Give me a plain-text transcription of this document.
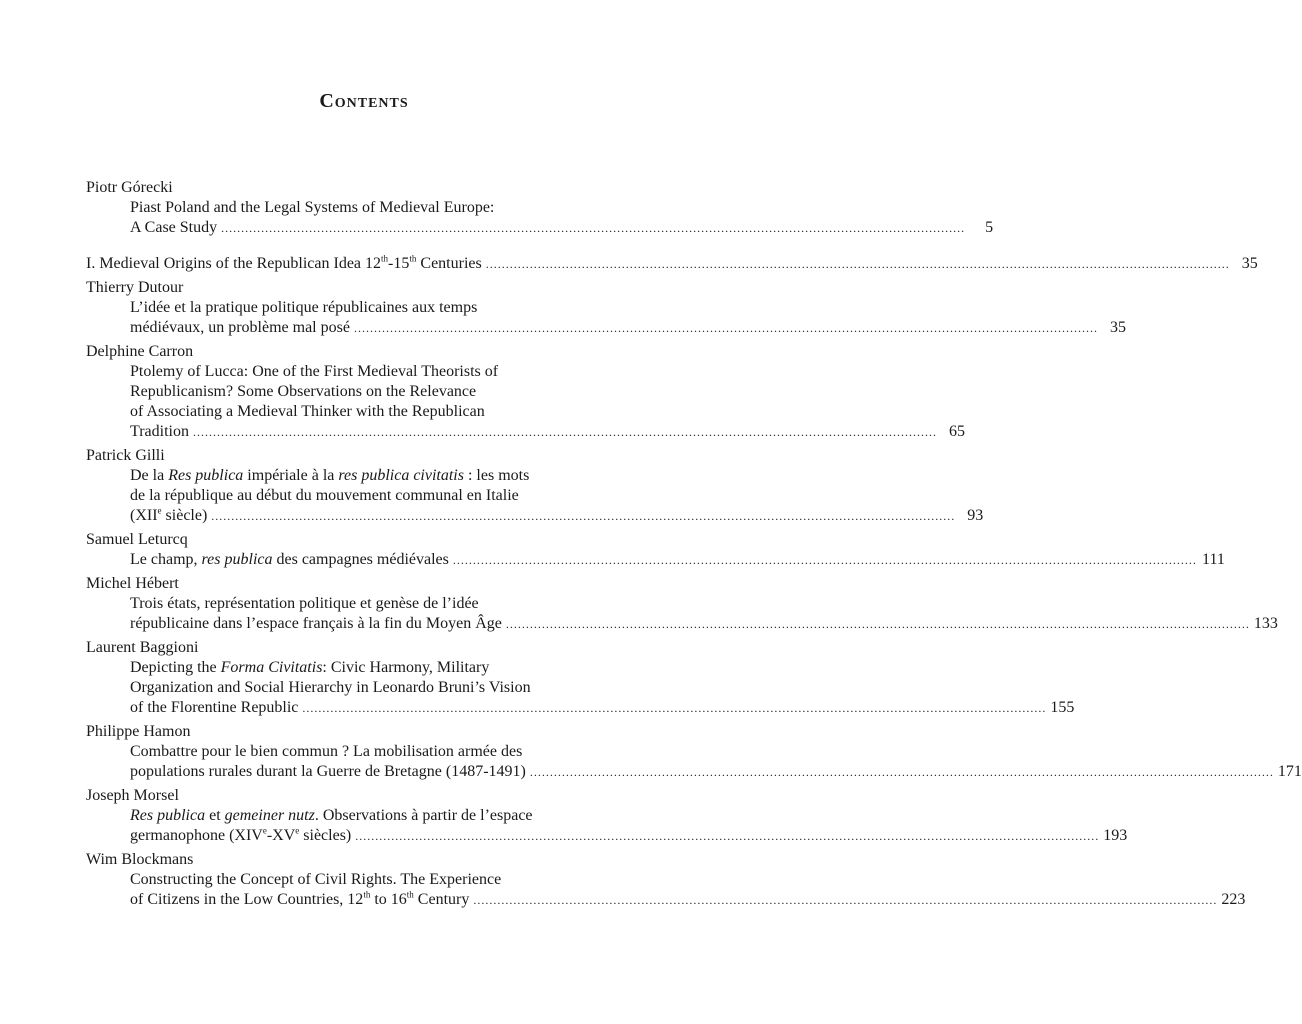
Contents
Piotr Górecki
Piast Poland and the Legal Systems of Medieval Europe:
A Case Study ..........................................................................................................................................................................................	5
I. Medieval Origins of the Republican Idea 12th-15th Centuries .......................................................................................................................................................................................... 35
Thierry Dutour
L’idée et la pratique politique républicaines aux temps
médiévaux, un problème mal posé .......................................................................................................................................................................................... 35
Delphine Carron
Ptolemy of Lucca: One of the First Medieval Theorists of
Republicanism? Some Observations on the Relevance
of Associating a Medieval Thinker with the Republican
Tradition .......................................................................................................................................................................................... 65
Patrick Gilli
De la Res publica impériale à la res publica civitatis : les mots
de la république au début du mouvement communal en Italie
(XIIe siècle) .......................................................................................................................................................................................... 93
Samuel Leturcq
Le champ, res publica des campagnes médiévales .......................................................................................................................................................................................... 111
Michel Hébert
Trois états, représentation politique et genèse de l’idée
républicaine dans l’espace français à la fin du Moyen Âge .......................................................................................................................................................................................... 133
Laurent Baggioni
Depicting the Forma Civitatis: Civic Harmony, Military
Organization and Social Hierarchy in Leonardo Bruni’s Vision
of the Florentine Republic .......................................................................................................................................................................................... 155
Philippe Hamon
Combattre pour le bien commun ? La mobilisation armée des
populations rurales durant la Guerre de Bretagne (1487-1491) .......................................................................................................................................................................................... 171
Joseph Morsel
Res publica et gemeiner nutz. Observations à partir de l’espace
germanophone (XIVe-XVe siècles) .......................................................................................................................................................................................... 193
Wim Blockmans
Constructing the Concept of Civil Rights. The Experience
of Citizens in the Low Countries, 12th to 16th Century .......................................................................................................................................................................................... 223
